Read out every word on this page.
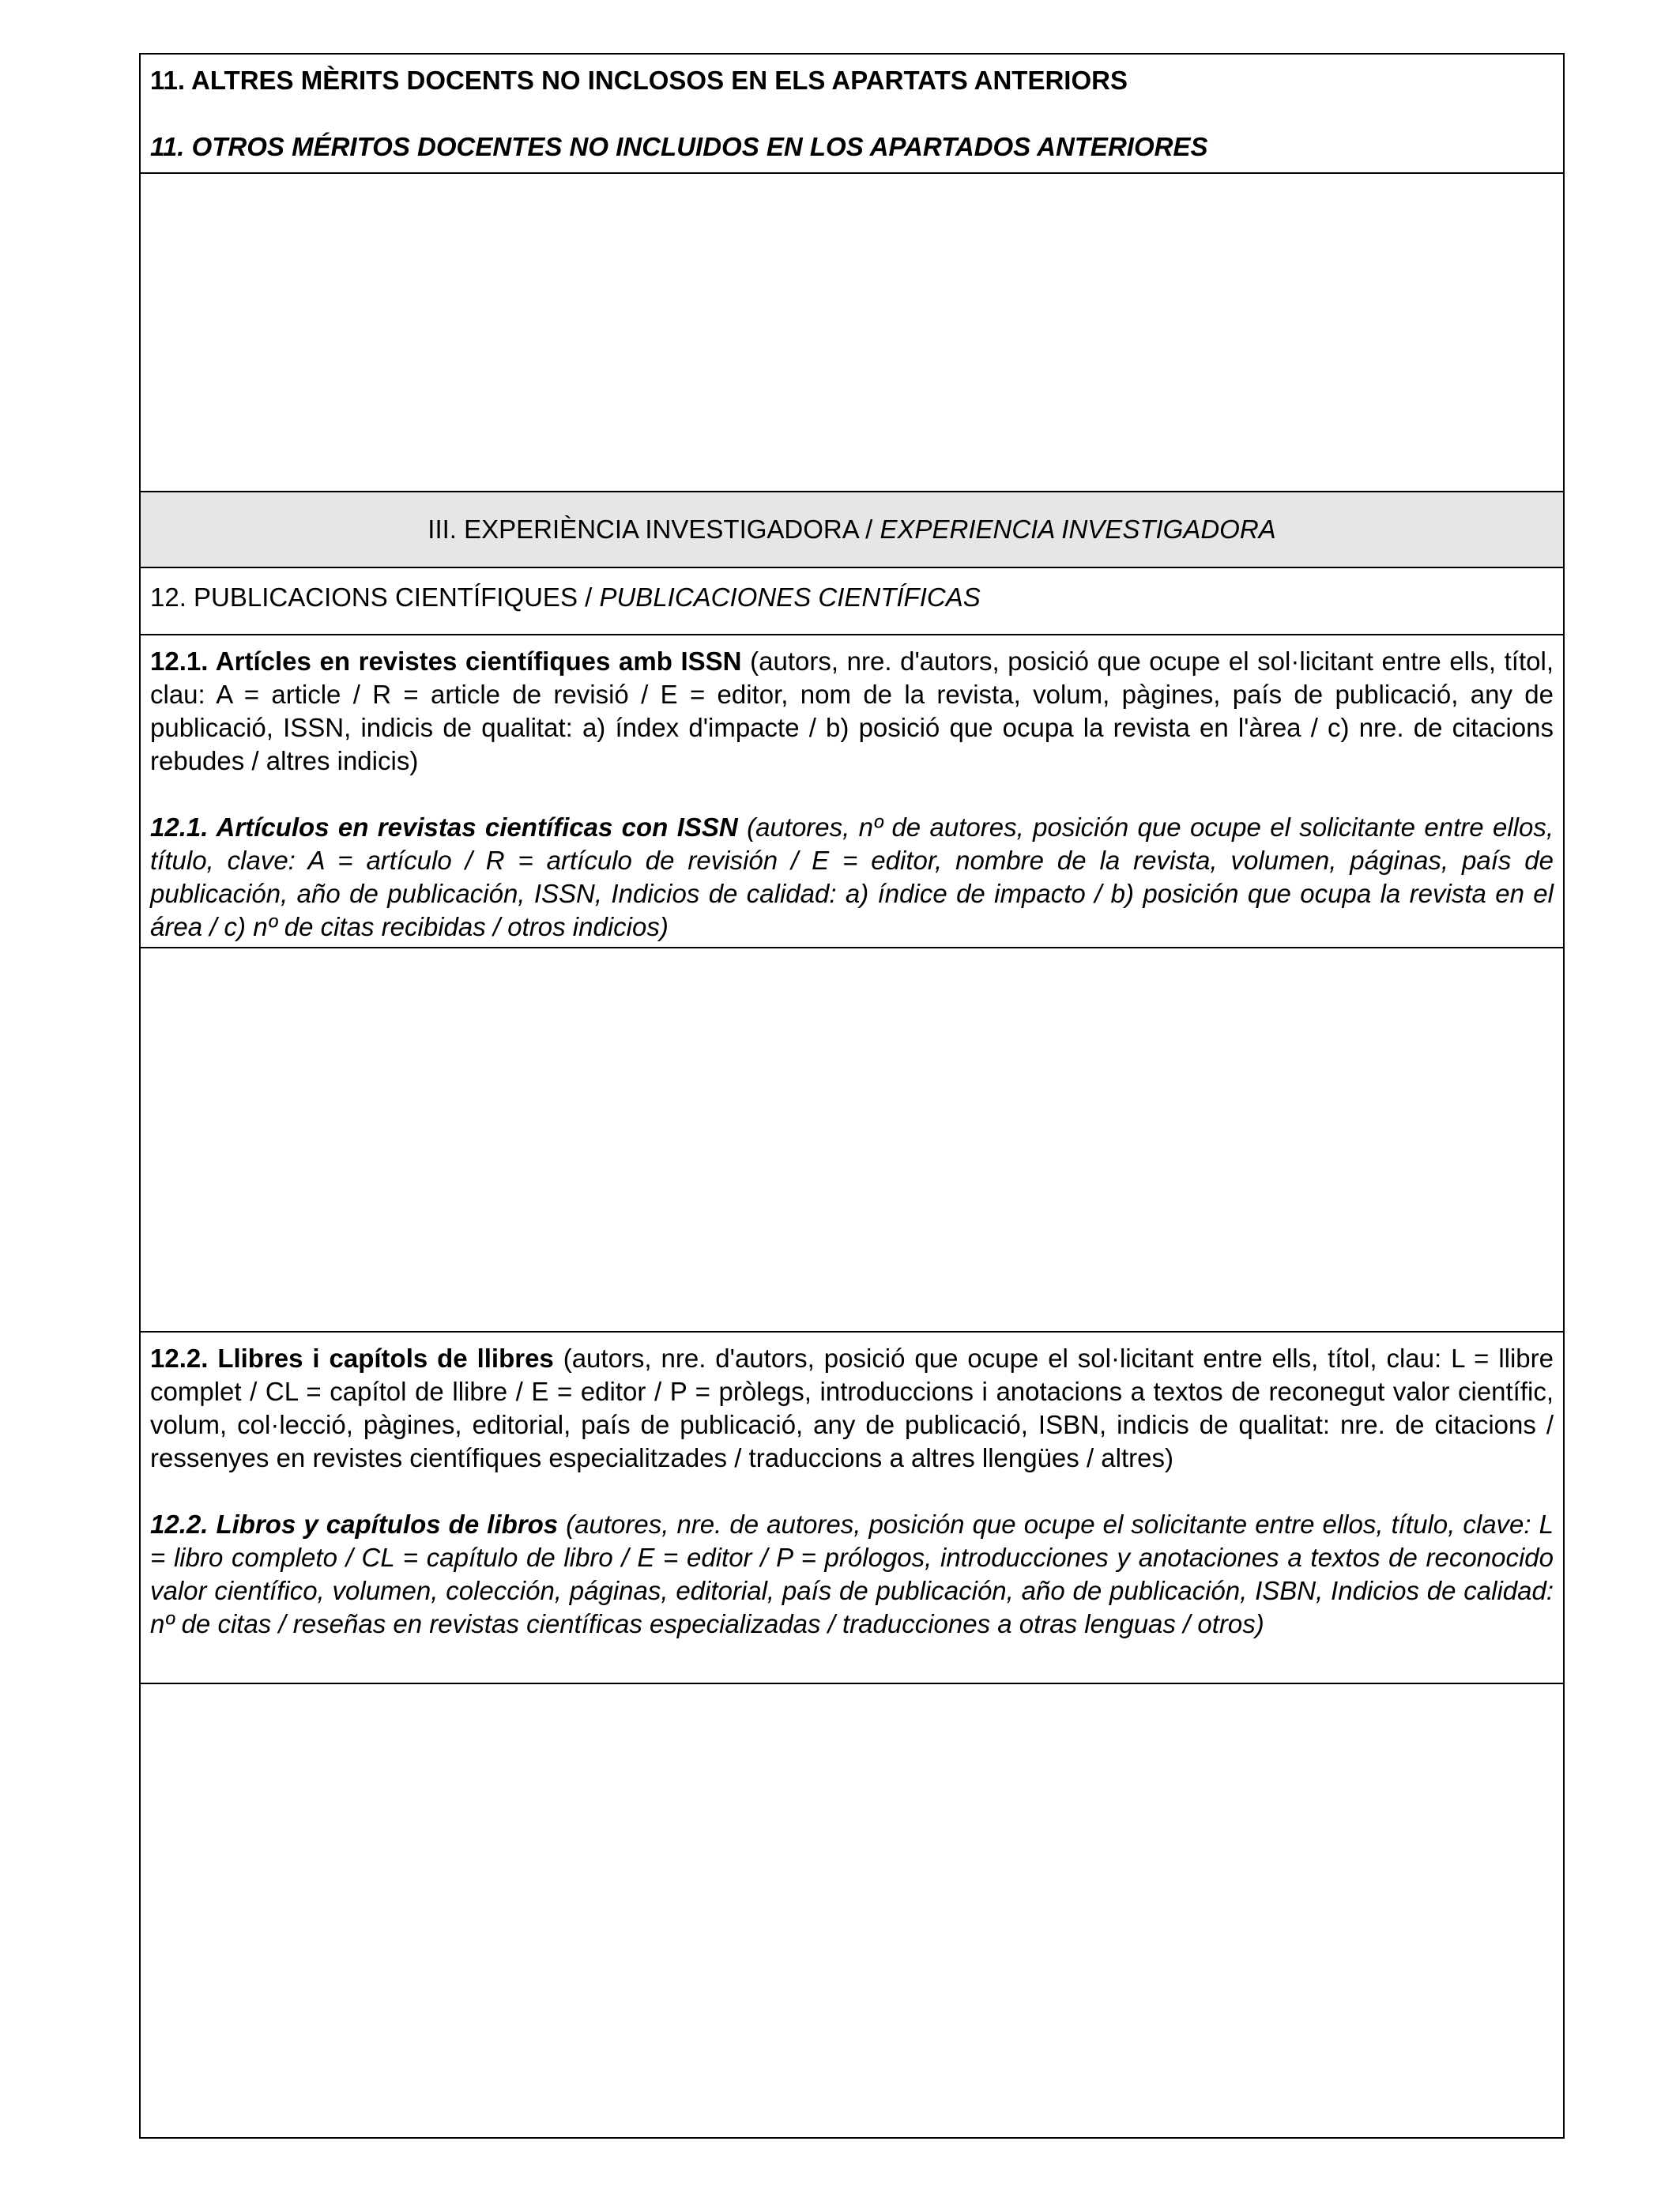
11. ALTRES MÈRITS DOCENTS NO INCLOSOS EN ELS APARTATS ANTERIORS
11. OTROS MÉRITOS DOCENTES NO INCLUIDOS EN LOS APARTADOS ANTERIORES
III. EXPERIÈNCIA INVESTIGADORA / EXPERIENCIA INVESTIGADORA
12. PUBLICACIONS CIENTÍFIQUES / PUBLICACIONES CIENTÍFICAS

12.1. Artícles en revistes científiques amb ISSN (autors, nre. d'autors, posició que ocupe el sol·licitant entre ells, títol, clau: A = article / R = article de revisió / E = editor, nom de la revista, volum, pàgines, país de publicació, any de publicació, ISSN, indicis de qualitat: a) índex d'impacte / b) posició que ocupa la revista en l'àrea / c) nre. de citacions rebudes / altres indicis)

12.1. Artículos en revistas científicas con ISSN (autores, nº de autores, posición que ocupe el solicitante entre ellos, título, clave: A = artículo / R = artículo de revisión / E = editor, nombre de la revista, volumen, páginas, país de publicación, año de publicación, ISSN, Indicios de calidad: a) índice de impacto / b) posición que ocupa la revista en el área / c) nº de citas recibidas / otros indicios)

12.2. Llibres i capítols de llibres (autors, nre. d'autors, posició que ocupe el sol·licitant entre ells, títol, clau: L = llibre complet / CL = capítol de llibre / E = editor / P = pròlegs, introduccions i anotacions a textos de reconegut valor científic, volum, col·lecció, pàgines, editorial, país de publicació, any de publicació, ISBN, indicis de qualitat: nre. de citacions / ressenyes en revistes científiques especialitzades / traduccions a altres llengües / altres)

12.2. Libros y capítulos de libros (autores, nre. de autores, posición que ocupe el solicitante entre ellos, título, clave: L = libro completo / CL = capítulo de libro / E = editor / P = prólogos, introducciones y anotaciones a textos de reconocido valor científico, volumen, colección, páginas, editorial, país de publicación, año de publicación, ISBN, Indicios de calidad: nº de citas / reseñas en revistas científicas especializadas / traducciones a otras lenguas / otros)
